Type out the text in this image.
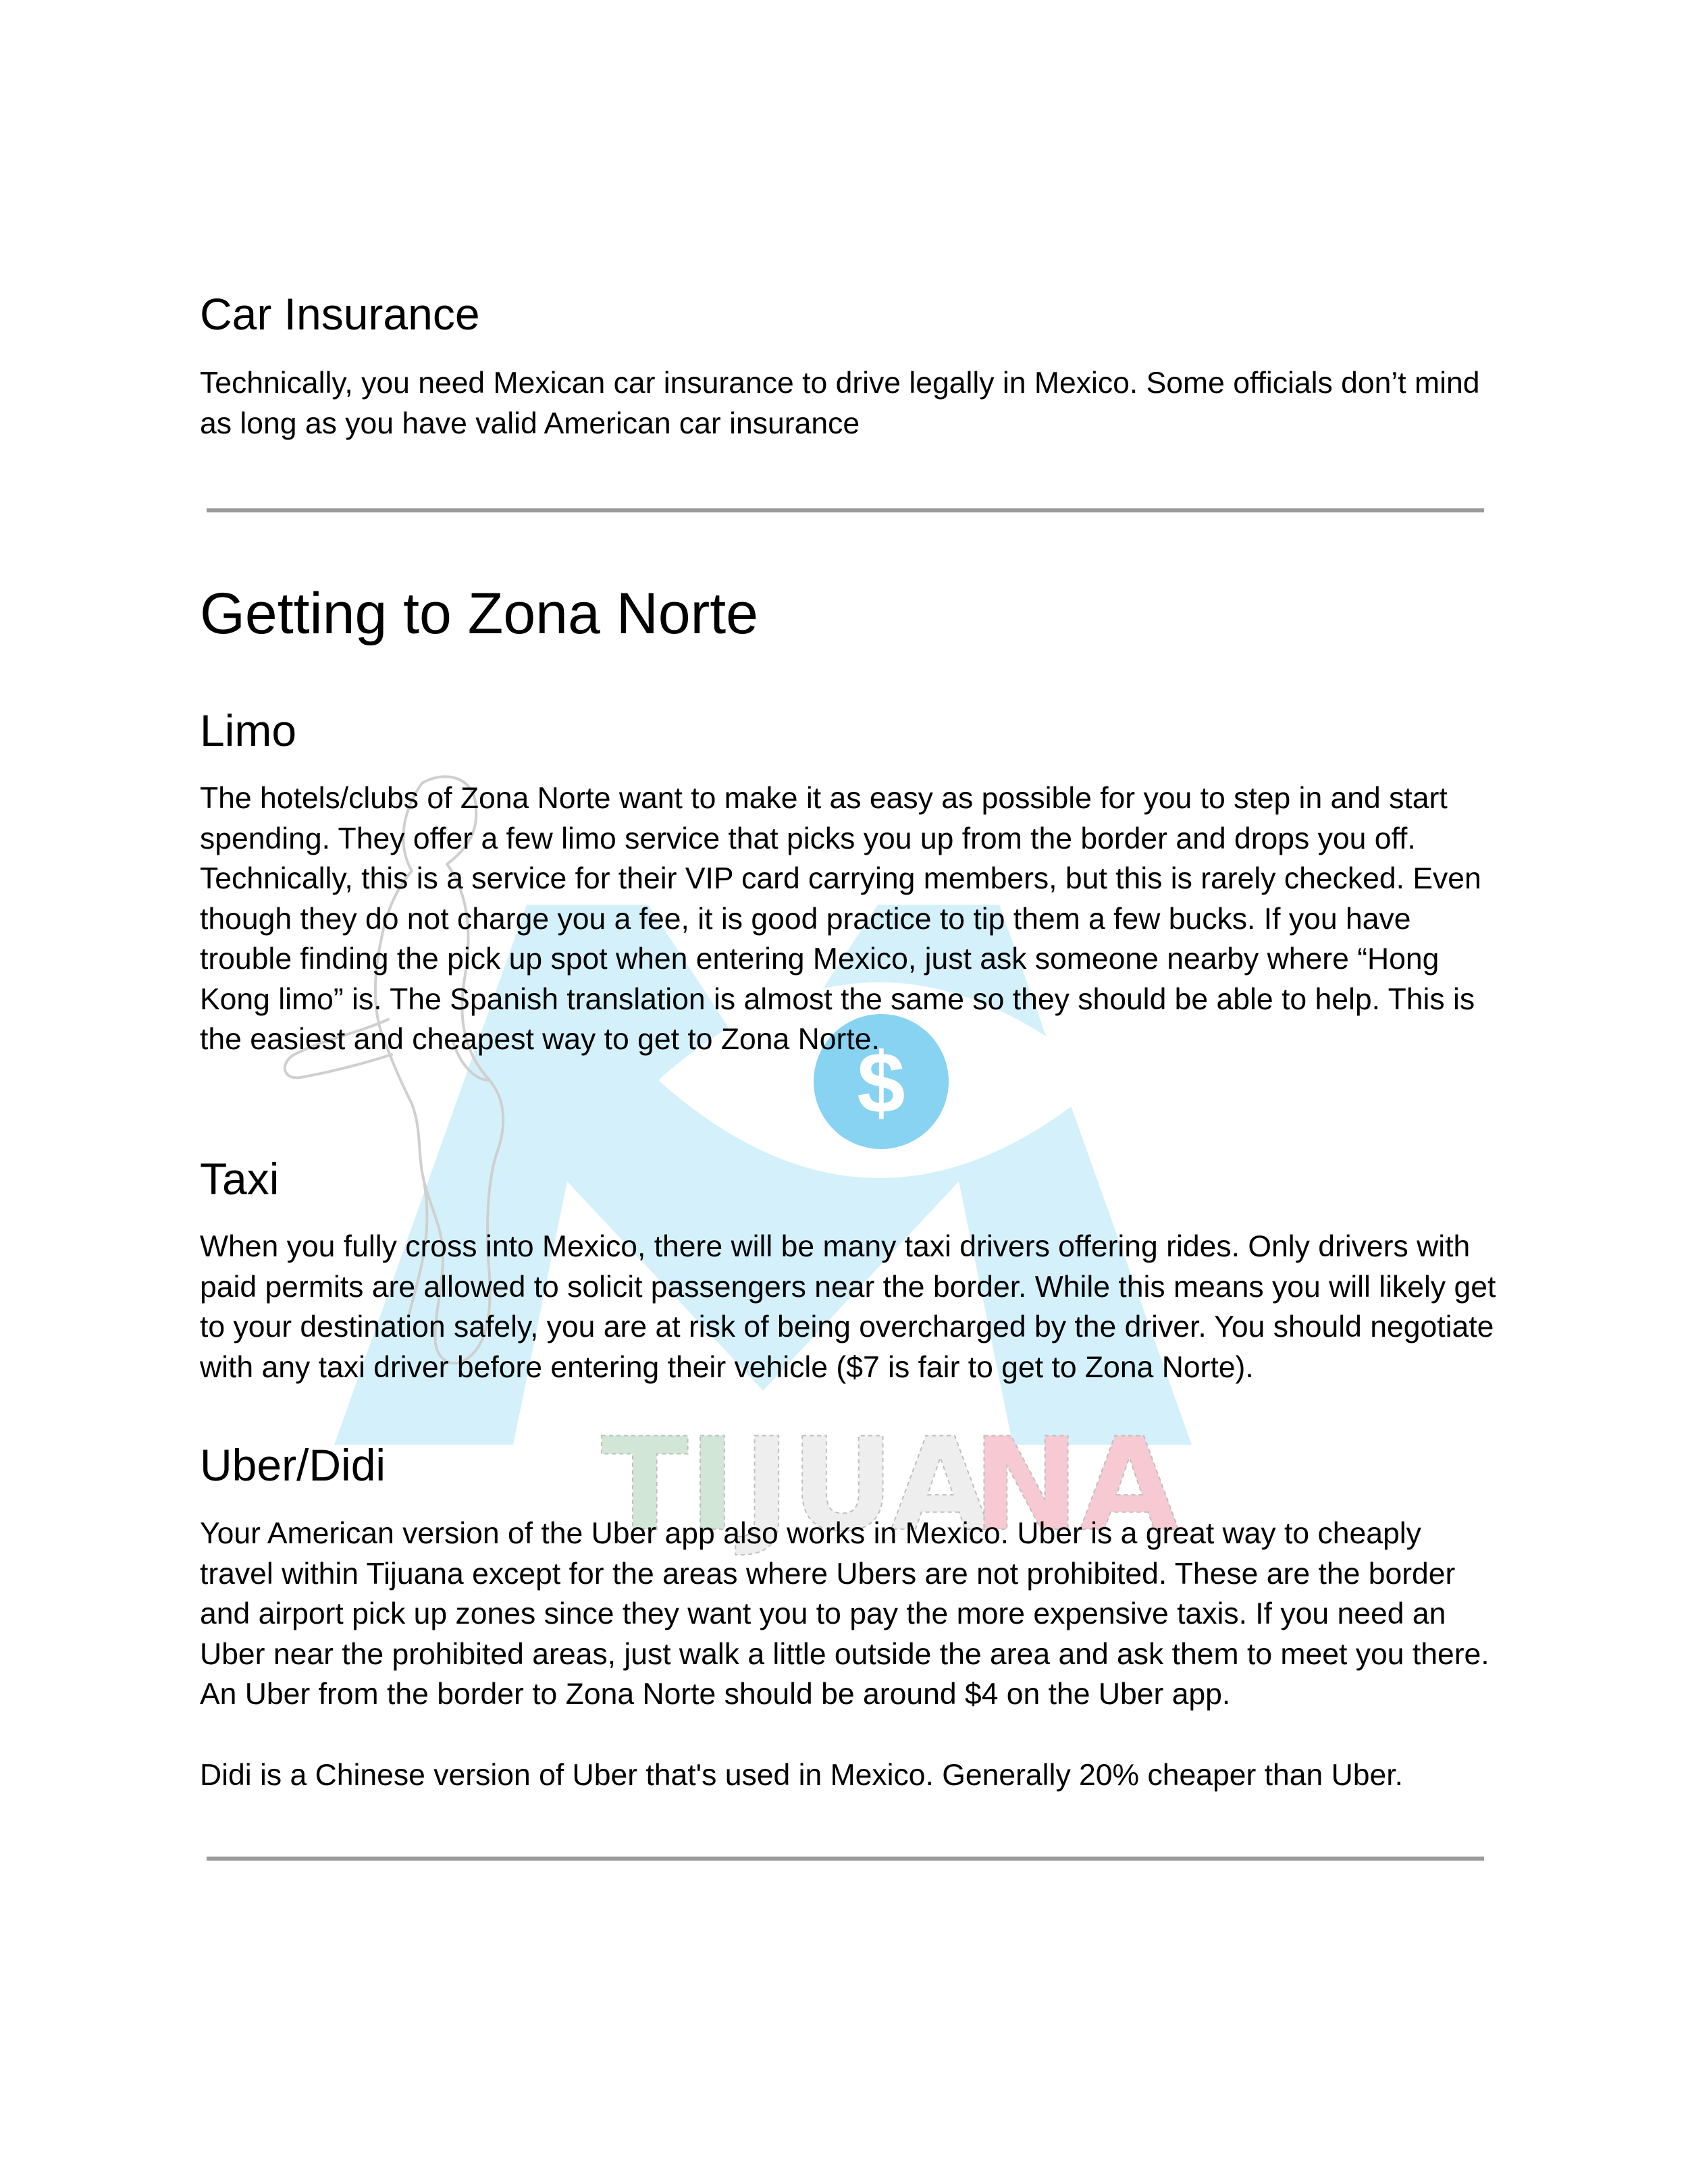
$
TI JUA
NA
Car Insurance

Technically, you need Mexican car insurance to drive legally in Mexico. Some officials don’t mind as long as you have valid American car insurance

Getting to Zona Norte
Limo

The hotels/clubs of Zona Norte want to make it as easy as possible for you to step in and start spending. They offer a few limo service that picks you up from the border and drops you off. Technically, this is a service for their VIP card carrying members, but this is rarely checked. Even though they do not charge you a fee, it is good practice to tip them a few bucks. If you have trouble finding the pick up spot when entering Mexico, just ask someone nearby where “Hong Kong limo” is. The Spanish translation is almost the same so they should be able to help. This is the easiest and cheapest way to get to Zona Norte.

Taxi

When you fully cross into Mexico, there will be many taxi drivers offering rides. Only drivers with paid permits are allowed to solicit passengers near the border. While this means you will likely get to your destination safely, you are at risk of being overcharged by the driver. You should negotiate with any taxi driver before entering their vehicle ($7 is fair to get to Zona Norte).

Uber/Didi

Your American version of the Uber app also works in Mexico. Uber is a great way to cheaply travel within Tijuana except for the areas where Ubers are not prohibited. These are the border and airport pick up zones since they want you to pay the more expensive taxis. If you need an Uber near the prohibited areas, just walk a little outside the area and ask them to meet you there. An Uber from the border to Zona Norte should be around $4 on the Uber app.

Didi is a Chinese version of Uber that's used in Mexico. Generally 20% cheaper than Uber.
